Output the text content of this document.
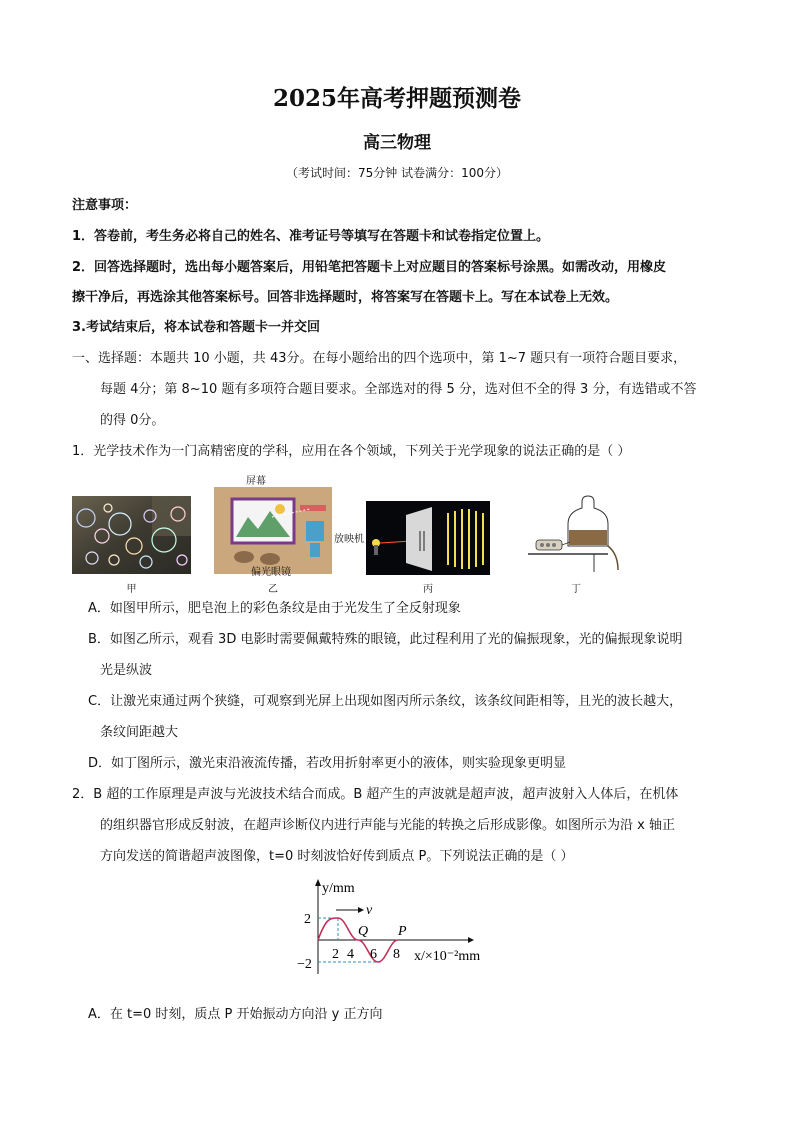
2025年高考押题预测卷
高三物理
（考试时间：75分钟 试卷满分：100分）
注意事项：
1．答卷前，考生务必将自己的姓名、准考证号等填写在答题卡和试卷指定位置上。
2．回答选择题时，选出每小题答案后，用铅笔把答题卡上对应题目的答案标号涂黑。如需改动，用橡皮
擦干净后，再选涂其他答案标号。回答非选择题时，将答案写在答题卡上。写在本试卷上无效。
3.考试结束后，将本试卷和答题卡一并交回
一、选择题：本题共 10 小题，共 43分。在每小题给出的四个选项中，第 1~7 题只有一项符合题目要求，
每题 4分；第 8~10 题有多项符合题目要求。全部选对的得 5 分，选对但不全的得 3 分，有选错或不答
的得 0分。
1．光学技术作为一门高精密度的学科，应用在各个领域，下列关于光学现象的说法正确的是（ ）
甲
屏幕
放映机
偏光眼镜
乙	丙	丁
A．如图甲所示，肥皂泡上的彩色条纹是由于光发生了全反射现象
B．如图乙所示，观看 3D 电影时需要佩戴特殊的眼镜，此过程利用了光的偏振现象，光的偏振现象说明
光是纵波
C．让激光束通过两个狭缝，可观察到光屏上出现如图丙所示条纹，该条纹间距相等，且光的波长越大，
条纹间距越大
D．如丁图所示，激光束沿液流传播，若改用折射率更小的液体，则实验现象更明显
2．B 超的工作原理是声波与光波技术结合而成。B 超产生的声波就是超声波，超声波射入人体后，在机体
的组织器官形成反射波，在超声诊断仪内进行声能与光能的转换之后形成影像。如图所示为沿 x 轴正
方向发送的简谐超声波图像，t=0 时刻波恰好传到质点 P。下列说法正确的是（ ）
v
y/mm
2
−2
2 4 6 8
Q P
x/×10⁻²mm
A．在 t=0 时刻，质点 P 开始振动方向沿 y 正方向
